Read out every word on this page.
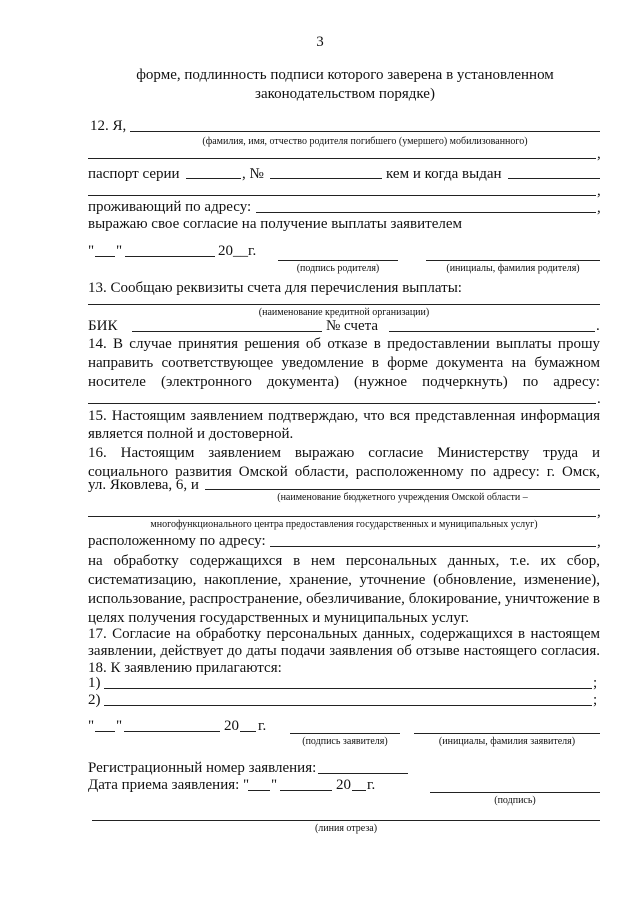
3
форме, подлинность подписи которого заверена в установленном
законодательством порядке)
12. Я,
(фамилия, имя, отчество родителя погибшего (умершего) мобилизованного)
,
паспорт серии	, №	кем и когда выдан
,
проживающий по адресу:	,
выражаю свое согласие на получение выплаты заявителем
" "	20__г.
(подпись родителя)	(инициалы, фамилия родителя)
13. Сообщаю реквизиты счета для перечисления выплаты:
(наименование кредитной организации)
БИК	№ счета	.
14. В случае принятия решения об отказе в предоставлении выплаты прошу
направить соответствующее уведомление в форме документа на бумажном
носителе (электронного документа) (нужное подчеркнуть) по адресу:
.
15. Настоящим заявлением подтверждаю, что вся представленная информация
является полной и достоверной.
16. Настоящим заявлением выражаю согласие Министерству труда и
социального развития Омской области, расположенному по адресу: г. Омск,
ул. Яковлева, 6, и
(наименование бюджетного учреждения Омской области –
,
многофункционального центра предоставления государственных и муниципальных услуг)
расположенному по адресу:	,
на обработку содержащихся в нем персональных данных, т.е. их сбор,
систематизацию, накопление, хранение, уточнение (обновление, изменение),
использование, распространение, обезличивание, блокирование, уничтожение в
целях получения государственных и муниципальных услуг.
17. Согласие на обработку персональных данных, содержащихся в настоящем
заявлении, действует до даты подачи заявления об отзыве настоящего согласия.
18. К заявлению прилагаются:
1)	;
2)	;
" "	20 г.
(подпись заявителя)	(инициалы, фамилия заявителя)
Регистрационный номер заявления:
Дата приема заявления: " "	20 г.
(подпись)
(линия отреза)
